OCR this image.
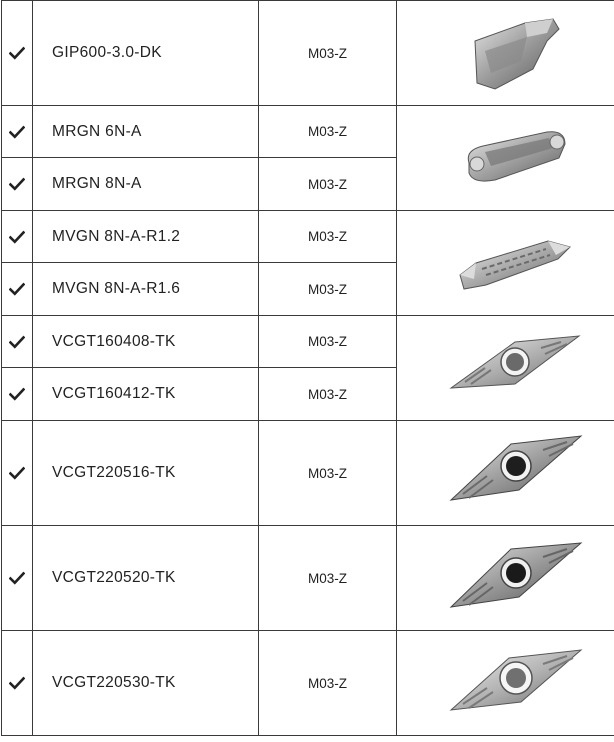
	GIP600-3.0-DK	M03-Z	

	MRGN 6N-A	M03-Z	

	MRGN 8N-A	M03-Z	

	MVGN 8N-A-R1.2	M03-Z	

	MVGN 8N-A-R1.6	M03-Z	

	VCGT160408-TK	M03-Z	

	VCGT160412-TK	M03-Z	

	VCGT220516-TK	M03-Z	

	VCGT220520-TK	M03-Z	

	VCGT220530-TK	M03-Z	
